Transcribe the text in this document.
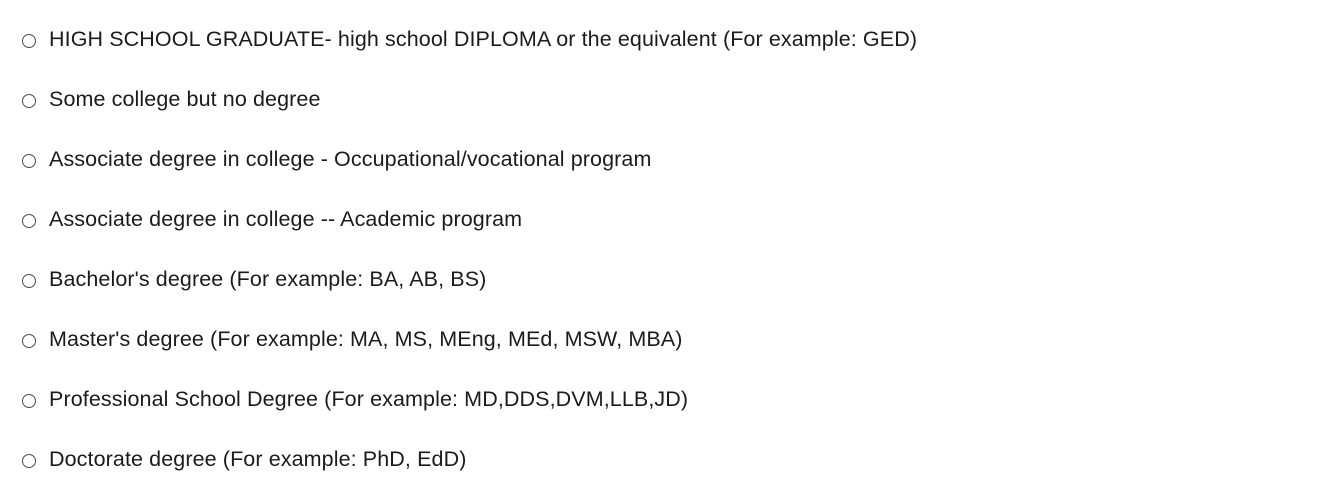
HIGH SCHOOL GRADUATE- high school DIPLOMA or the equivalent (For example: GED)
Some college but no degree
Associate degree in college - Occupational/vocational program
Associate degree in college -- Academic program
Bachelor's degree (For example: BA, AB, BS)
Master's degree (For example: MA, MS, MEng, MEd, MSW, MBA)
Professional School Degree (For example: MD,DDS,DVM,LLB,JD)
Doctorate degree (For example: PhD, EdD)
